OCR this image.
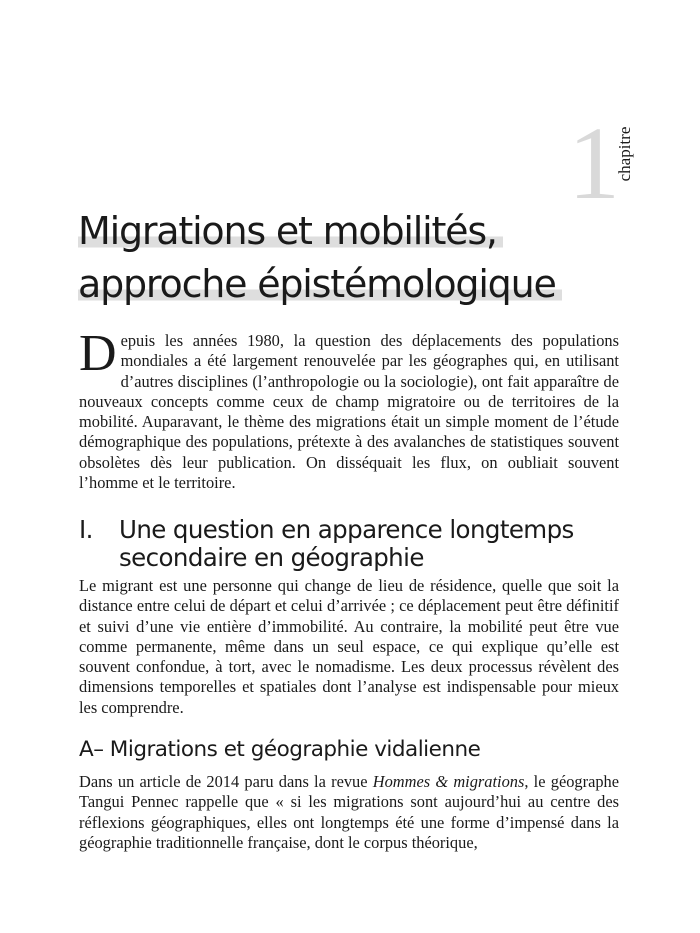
1
chapitre
Migrations et mobilités,
approche épistémologique
D epuis les années 1980, la question des déplacements des populations mondiales a été largement renouvelée par les géographes qui, en utilisant d’autres disciplines (l’anthropologie ou la sociologie), ont fait apparaître de nouveaux concepts comme ceux de champ migratoire ou de territoires de la mobilité. Auparavant, le thème des migrations était un simple moment de l’étude démographique des populations, prétexte à des avalanches de statistiques souvent obsolètes dès leur publication. On disséquait les flux, on oubliait souvent l’homme et le territoire.

I. Une question en apparence longtemps
secondaire en géographie

Le migrant est une personne qui change de lieu de résidence, quelle que soit la distance entre celui de départ et celui d’arrivée ; ce déplacement peut être définitif et suivi d’une vie entière d’immobilité. Au contraire, la mobilité peut être vue comme permanente, même dans un seul espace, ce qui explique qu’elle est souvent confondue, à tort, avec le nomadisme. Les deux processus révèlent des dimensions temporelles et spatiales dont l’analyse est indispensable pour mieux les comprendre.

A– Migrations et géographie vidalienne

Dans un article de 2014 paru dans la revue Hommes & migrations, le géographe Tangui Pennec rappelle que « si les migrations sont aujourd’hui au centre des réflexions géographiques, elles ont longtemps été une forme d’impensé dans la géographie traditionnelle française, dont le corpus théorique,
